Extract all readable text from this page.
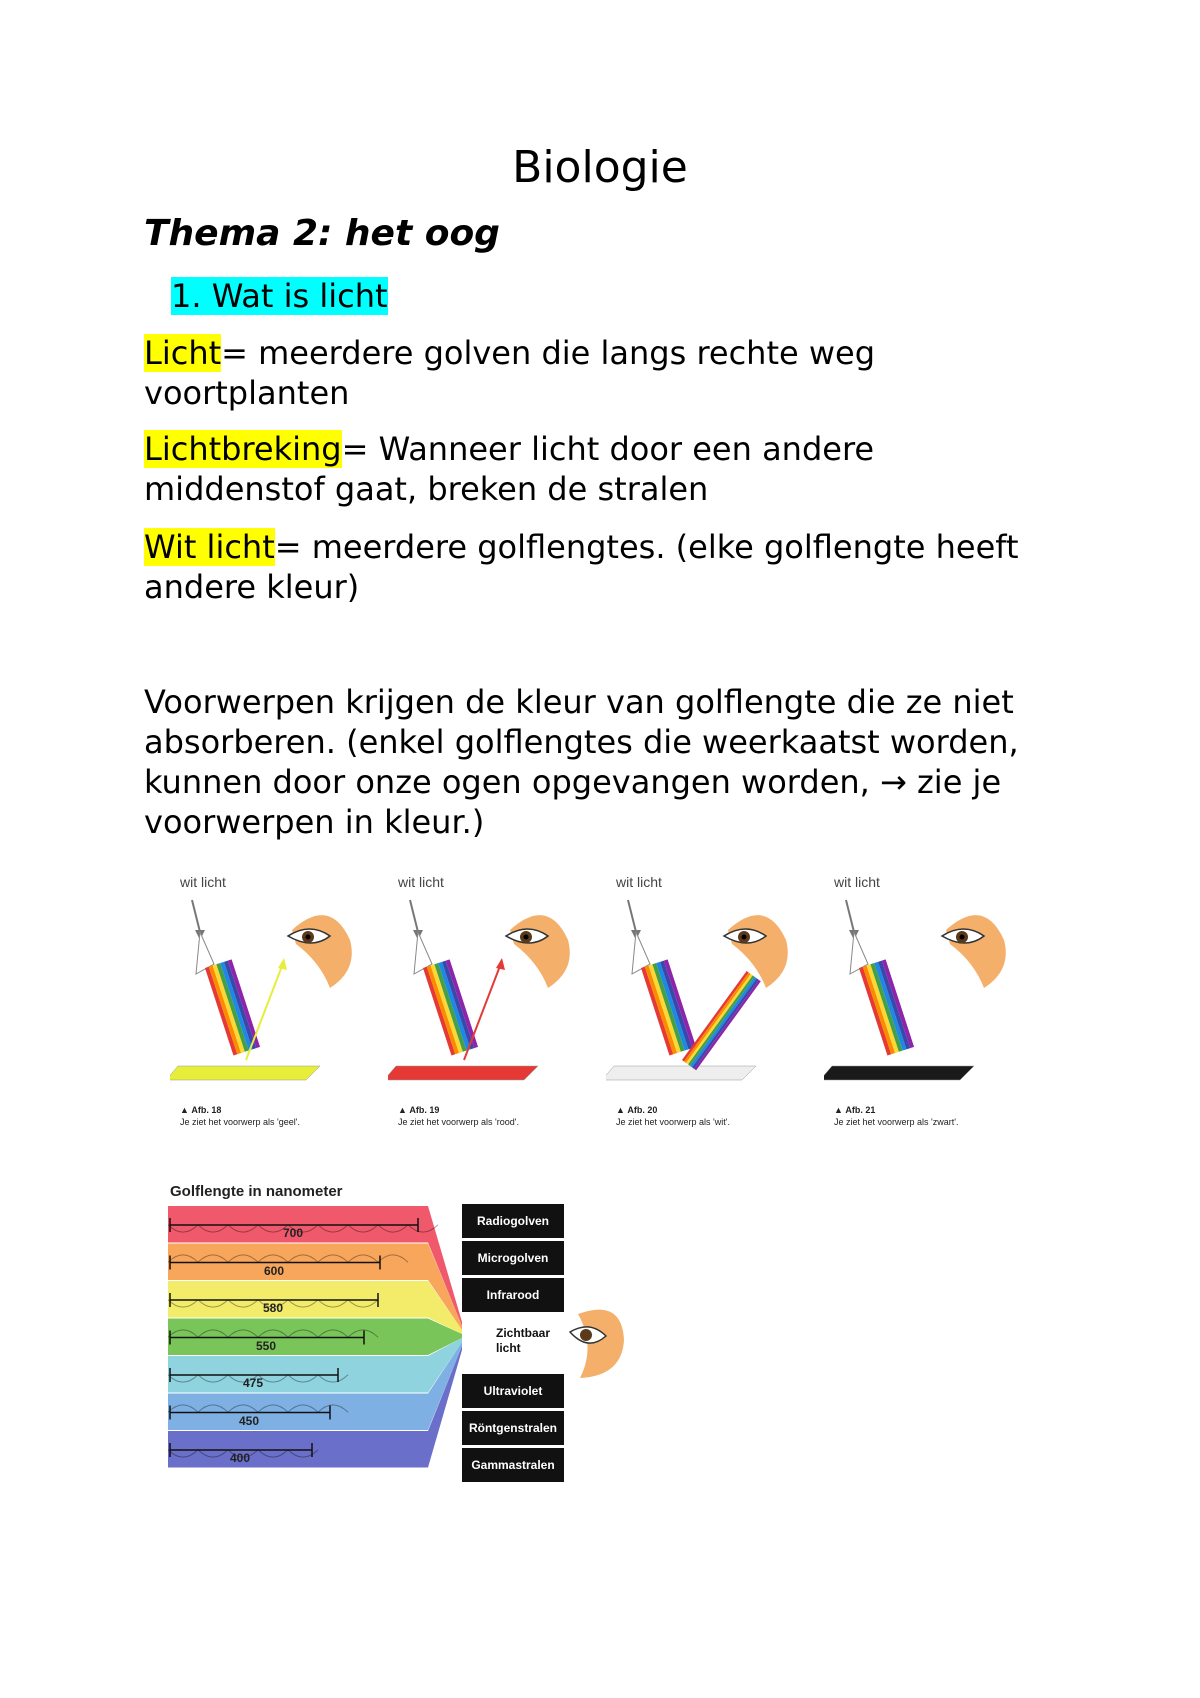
Biologie
Thema 2: het oog
1. Wat is licht
Licht= meerdere golven die langs rechte weg voortplanten
Lichtbreking= Wanneer licht door een andere middenstof gaat, breken de stralen
Wit licht= meerdere golflengtes. (elke golflengte heeft andere kleur)
Voorwerpen krijgen de kleur van golflengte die ze niet absorberen. (enkel golflengtes die weerkaatst worden, kunnen door onze ogen opgevangen worden, → zie je voorwerpen in kleur.)
wit licht
▲ Afb. 18
Je ziet het voorwerp als 'geel'.
wit licht
▲ Afb. 19
Je ziet het voorwerp als 'rood'.
wit licht
▲ Afb. 20
Je ziet het voorwerp als 'wit'.
wit licht
▲ Afb. 21
Je ziet het voorwerp als 'zwart'.
Golflengte in nanometer
700
600
580
550
475
450
400
Radiogolven
Microgolven
Infrarood
Zichtbaar licht
Ultraviolet
Röntgenstralen
Gammastralen
